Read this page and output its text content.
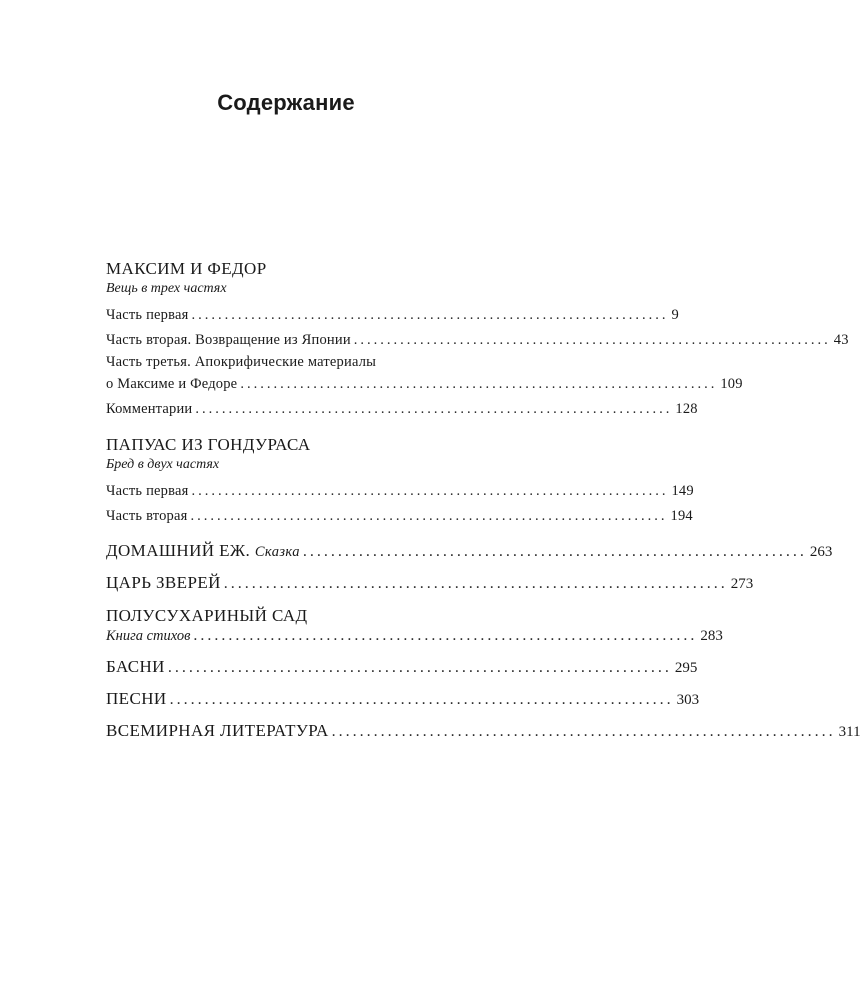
Содержание
МАКСИМ И ФЕДОР
Вещь в трех частях
Часть первая ........................................................................ 9
Часть вторая. Возвращение из Японии ........................................................................ 43
Часть третья. Апокрифические материалы
о Максиме и Федоре ........................................................................ 109
Комментарии ........................................................................ 128
ПАПУАС ИЗ ГОНДУРАСА
Бред в двух частях
Часть первая ........................................................................ 149
Часть вторая ........................................................................ 194
ДОМАШНИЙ ЕЖ. Сказка ........................................................................ 263
ЦАРЬ ЗВЕРЕЙ ........................................................................ 273
ПОЛУСУХАРИНЫЙ САД
Книга стихов ........................................................................ 283
БАСНИ ........................................................................ 295
ПЕСНИ ........................................................................ 303
ВСЕМИРНАЯ ЛИТЕРАТУРА ........................................................................ 311
